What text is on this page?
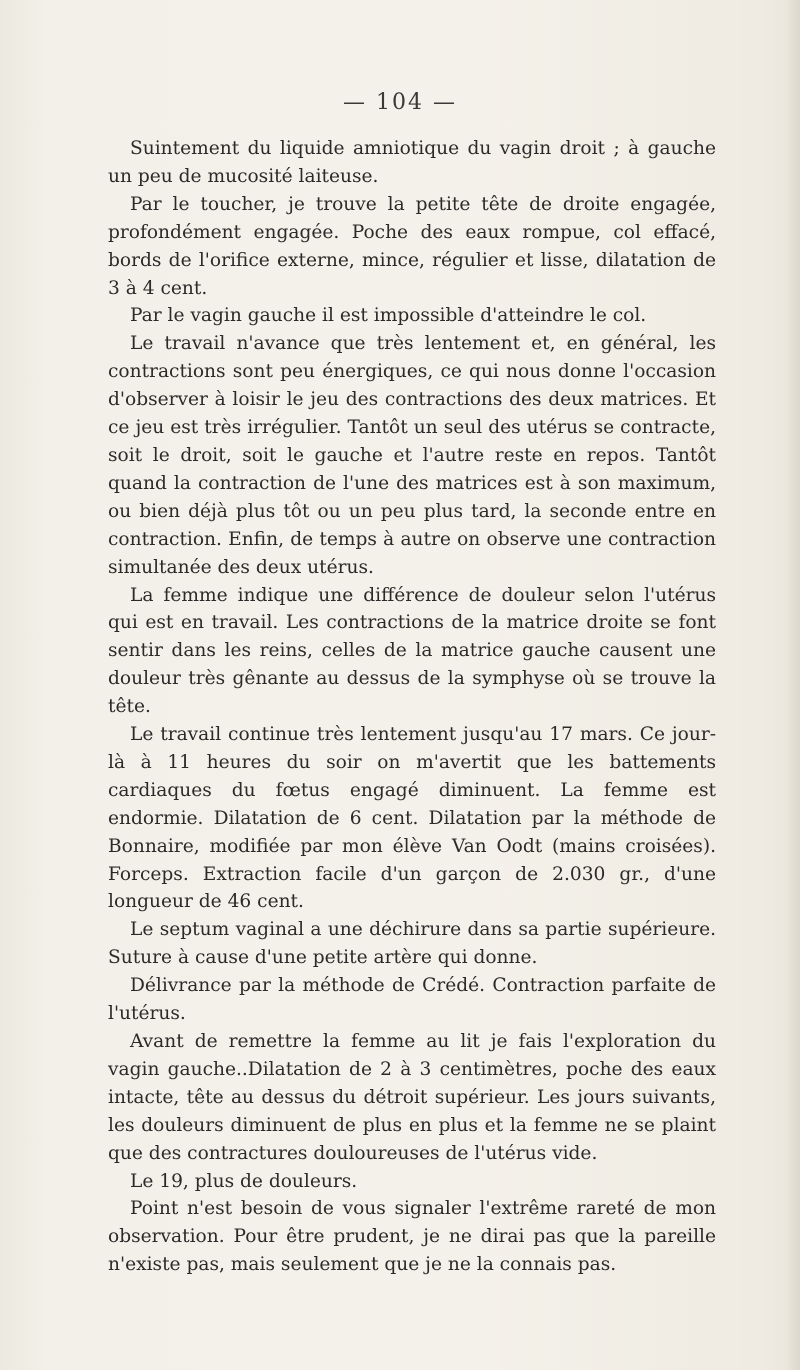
— 104 —

Suintement du liquide amniotique du vagin droit ; à gauche un peu de mucosité laiteuse.

Par le toucher, je trouve la petite tête de droite engagée, profondément engagée. Poche des eaux rompue, col effacé, bords de l'orifice externe, mince, régulier et lisse, dilatation de 3 à 4 cent.

Par le vagin gauche il est impossible d'atteindre le col.

Le travail n'avance que très lentement et, en général, les contractions sont peu énergiques, ce qui nous donne l'occasion d'observer à loisir le jeu des contractions des deux matrices. Et ce jeu est très irrégulier. Tantôt un seul des utérus se contracte, soit le droit, soit le gauche et l'autre reste en repos. Tantôt quand la contraction de l'une des matrices est à son maximum, ou bien déjà plus tôt ou un peu plus tard, la seconde entre en contraction. Enfin, de temps à autre on observe une contraction simultanée des deux utérus.

La femme indique une différence de douleur selon l'utérus qui est en travail. Les contractions de la matrice droite se font sentir dans les reins, celles de la matrice gauche causent une douleur très gênante au dessus de la symphyse où se trouve la tête.

Le travail continue très lentement jusqu'au 17 mars. Ce jour-là à 11 heures du soir on m'avertit que les battements cardiaques du fœtus engagé diminuent. La femme est endormie. Dilatation de 6 cent. Dilatation par la méthode de Bonnaire, modifiée par mon élève Van Oodt (mains croisées). Forceps. Extraction facile d'un garçon de 2.030 gr., d'une longueur de 46 cent.

Le septum vaginal a une déchirure dans sa partie supérieure. Suture à cause d'une petite artère qui donne.

Délivrance par la méthode de Crédé. Contraction parfaite de l'utérus.

Avant de remettre la femme au lit je fais l'exploration du vagin gauche..Dilatation de 2 à 3 centimètres, poche des eaux intacte, tête au dessus du détroit supérieur. Les jours suivants, les douleurs diminuent de plus en plus et la femme ne se plaint que des contractures douloureuses de l'utérus vide.

Le 19, plus de douleurs.

Point n'est besoin de vous signaler l'extrême rareté de mon observation. Pour être prudent, je ne dirai pas que la pareille n'existe pas, mais seulement que je ne la connais pas.
